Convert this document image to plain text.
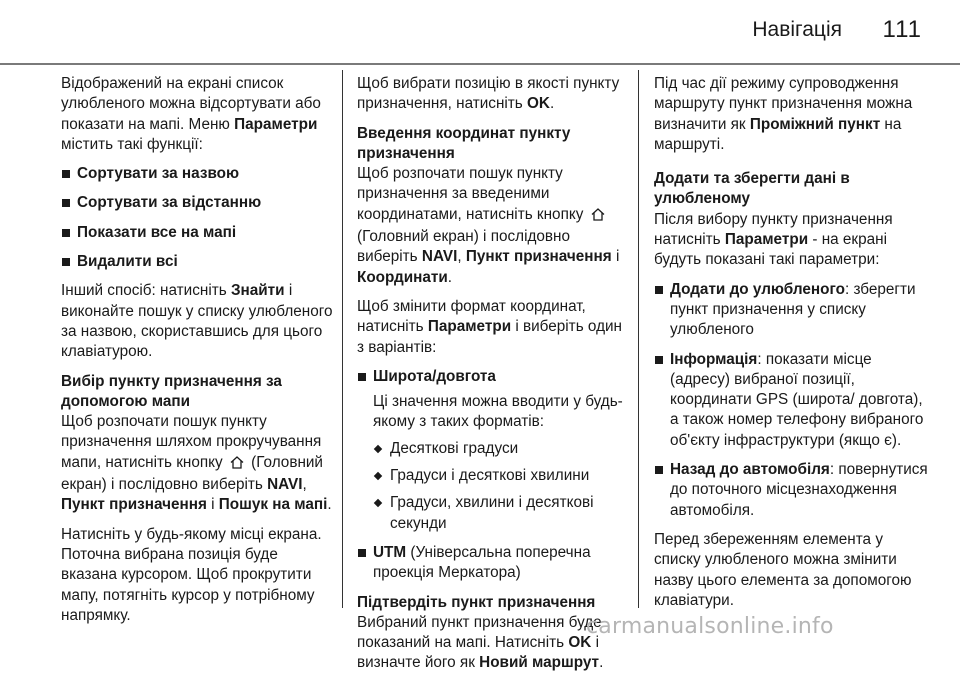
Навігація 111

Відображений на екрані список улюбленого можна відсортувати або показати на мапі. Меню Параметри містить такі функції:

Сортувати за назвою
Сортувати за відстанню
Показати все на мапі
Видалити всі

Інший спосіб: натисніть Знайти і виконайте пошук у списку улюбленого за назвою, скориставшись для цього клавіатурою.

Вибір пункту призначення за допомогою мапи

Щоб розпочати пошук пункту призначення шляхом прокручування мапи, натисніть кнопку  (Головний екран) і послідовно виберіть NAVI, Пункт призначення і Пошук на мапі.

Натисніть у будь-якому місці екрана. Поточна вибрана позиція буде вказана курсором. Щоб прокрутити мапу, потягніть курсор у потрібному напрямку.

Щоб вибрати позицію в якості пункту призначення, натисніть OK.

Введення координат пункту призначення

Щоб розпочати пошук пункту призначення за введеними координатами, натисніть кнопку  (Головний екран) і послідовно виберіть NAVI, Пункт призначення і Координати.

Щоб змінити формат координат, натисніть Параметри і виберіть один з варіантів:

Широта/довгота
Ці значення можна вводити у будь-якому з таких форматів:
Десяткові градуси
Градуси і десяткові хвилини
Градуси, хвилини і десяткові секунди
UTM (Універсальна поперечна проекція Меркатора)

Підтвердіть пункт призначення

Вибраний пункт призначення буде показаний на мапі. Натисніть OK і визначте його як Новий маршрут.

Під час дії режиму супроводження маршруту пункт призначення можна визначити як Проміжний пункт на маршруті.

Додати та зберегти дані в улюбленому

Після вибору пункту призначення натисніть Параметри - на екрані будуть показані такі параметри:

Додати до улюбленого: зберегти пункт призначення у списку улюбленого
Інформація: показати місце (адресу) вибраної позиції, координати GPS (широта/ довгота), а також номер телефону вибраного об'єкту інфраструктури (якщо є).
Назад до автомобіля: повернутися до поточного місцезнаходження автомобіля.

Перед збереженням елемента у списку улюбленого можна змінити назву цього елемента за допомогою клавіатури.

carmanualsonline.info
